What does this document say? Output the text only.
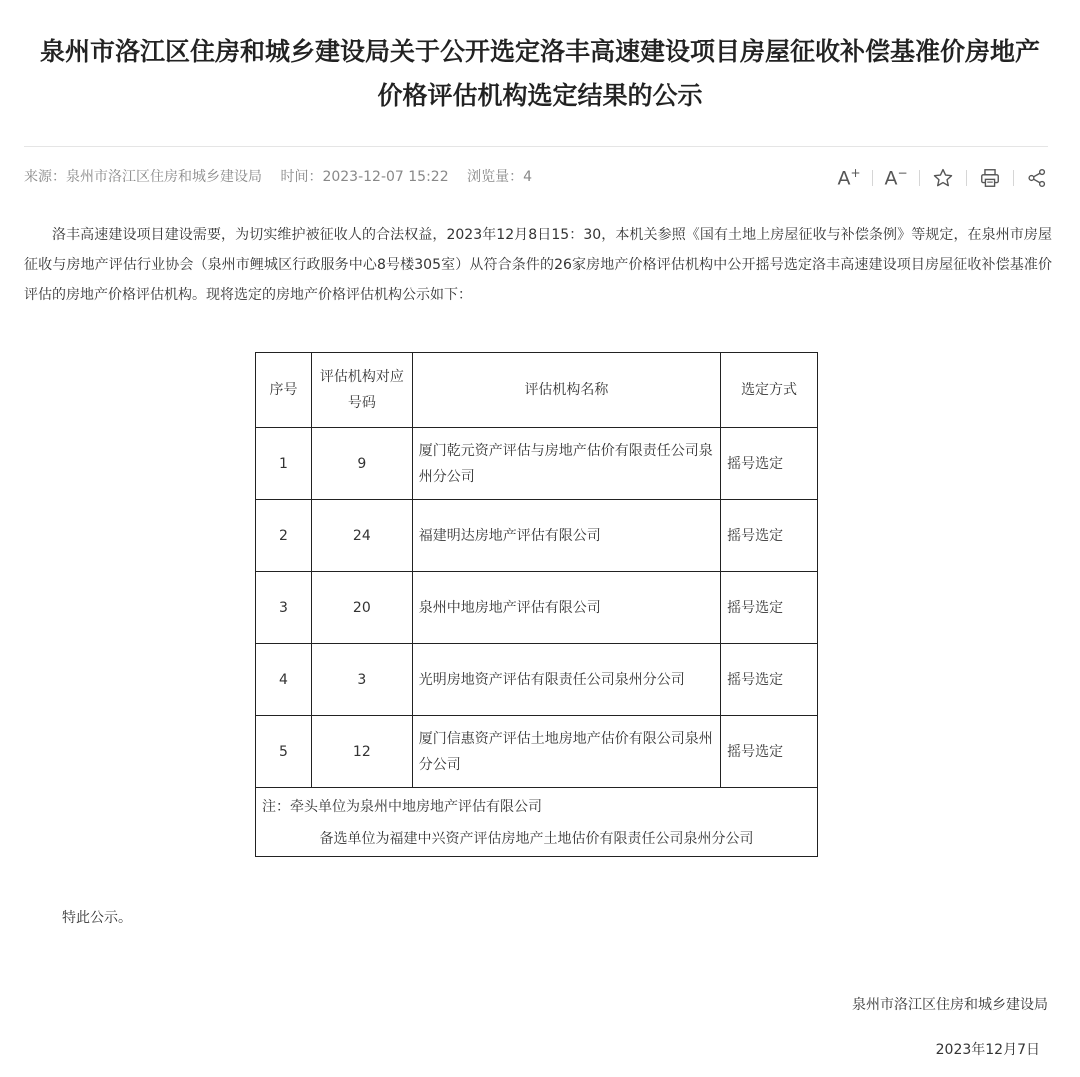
泉州市洛江区住房和城乡建设局关于公开选定洛丰高速建设项目房屋征收补偿基准价房地产 价格评估机构选定结果的公示
来源：泉州市洛江区住房和城乡建设局 时间：2023-12-07 15:22 浏览量：4	A+ A−

洛丰高速建设项目建设需要，为切实维护被征收人的合法权益，2023年12月8日15：30，本机关参照《国有土地上房屋征收与补偿条例》等规定，在泉州市房屋征收与房地产评估行业协会（泉州市鲤城区行政服务中心8号楼305室）从符合条件的26家房地产价格评估机构中公开摇号选定洛丰高速建设项目房屋征收补偿基准价评估的房地产价格评估机构。现将选定的房地产价格评估机构公示如下：

序号	评估机构对应号码	评估机构名称	选定方式
1	9	厦门乾元资产评估与房地产估价有限责任公司泉州分公司	摇号选定
2	24	福建明达房地产评估有限公司	摇号选定
3	20	泉州中地房地产评估有限公司	摇号选定
4	3	光明房地资产评估有限责任公司泉州分公司	摇号选定
5	12	厦门信惠资产评估土地房地产估价有限公司泉州分公司	摇号选定

注：牵头单位为泉州中地房地产评估有限公司
备选单位为福建中兴资产评估房地产土地估价有限责任公司泉州分公司			
特此公示。
泉州市洛江区住房和城乡建设局
2023年12月7日
